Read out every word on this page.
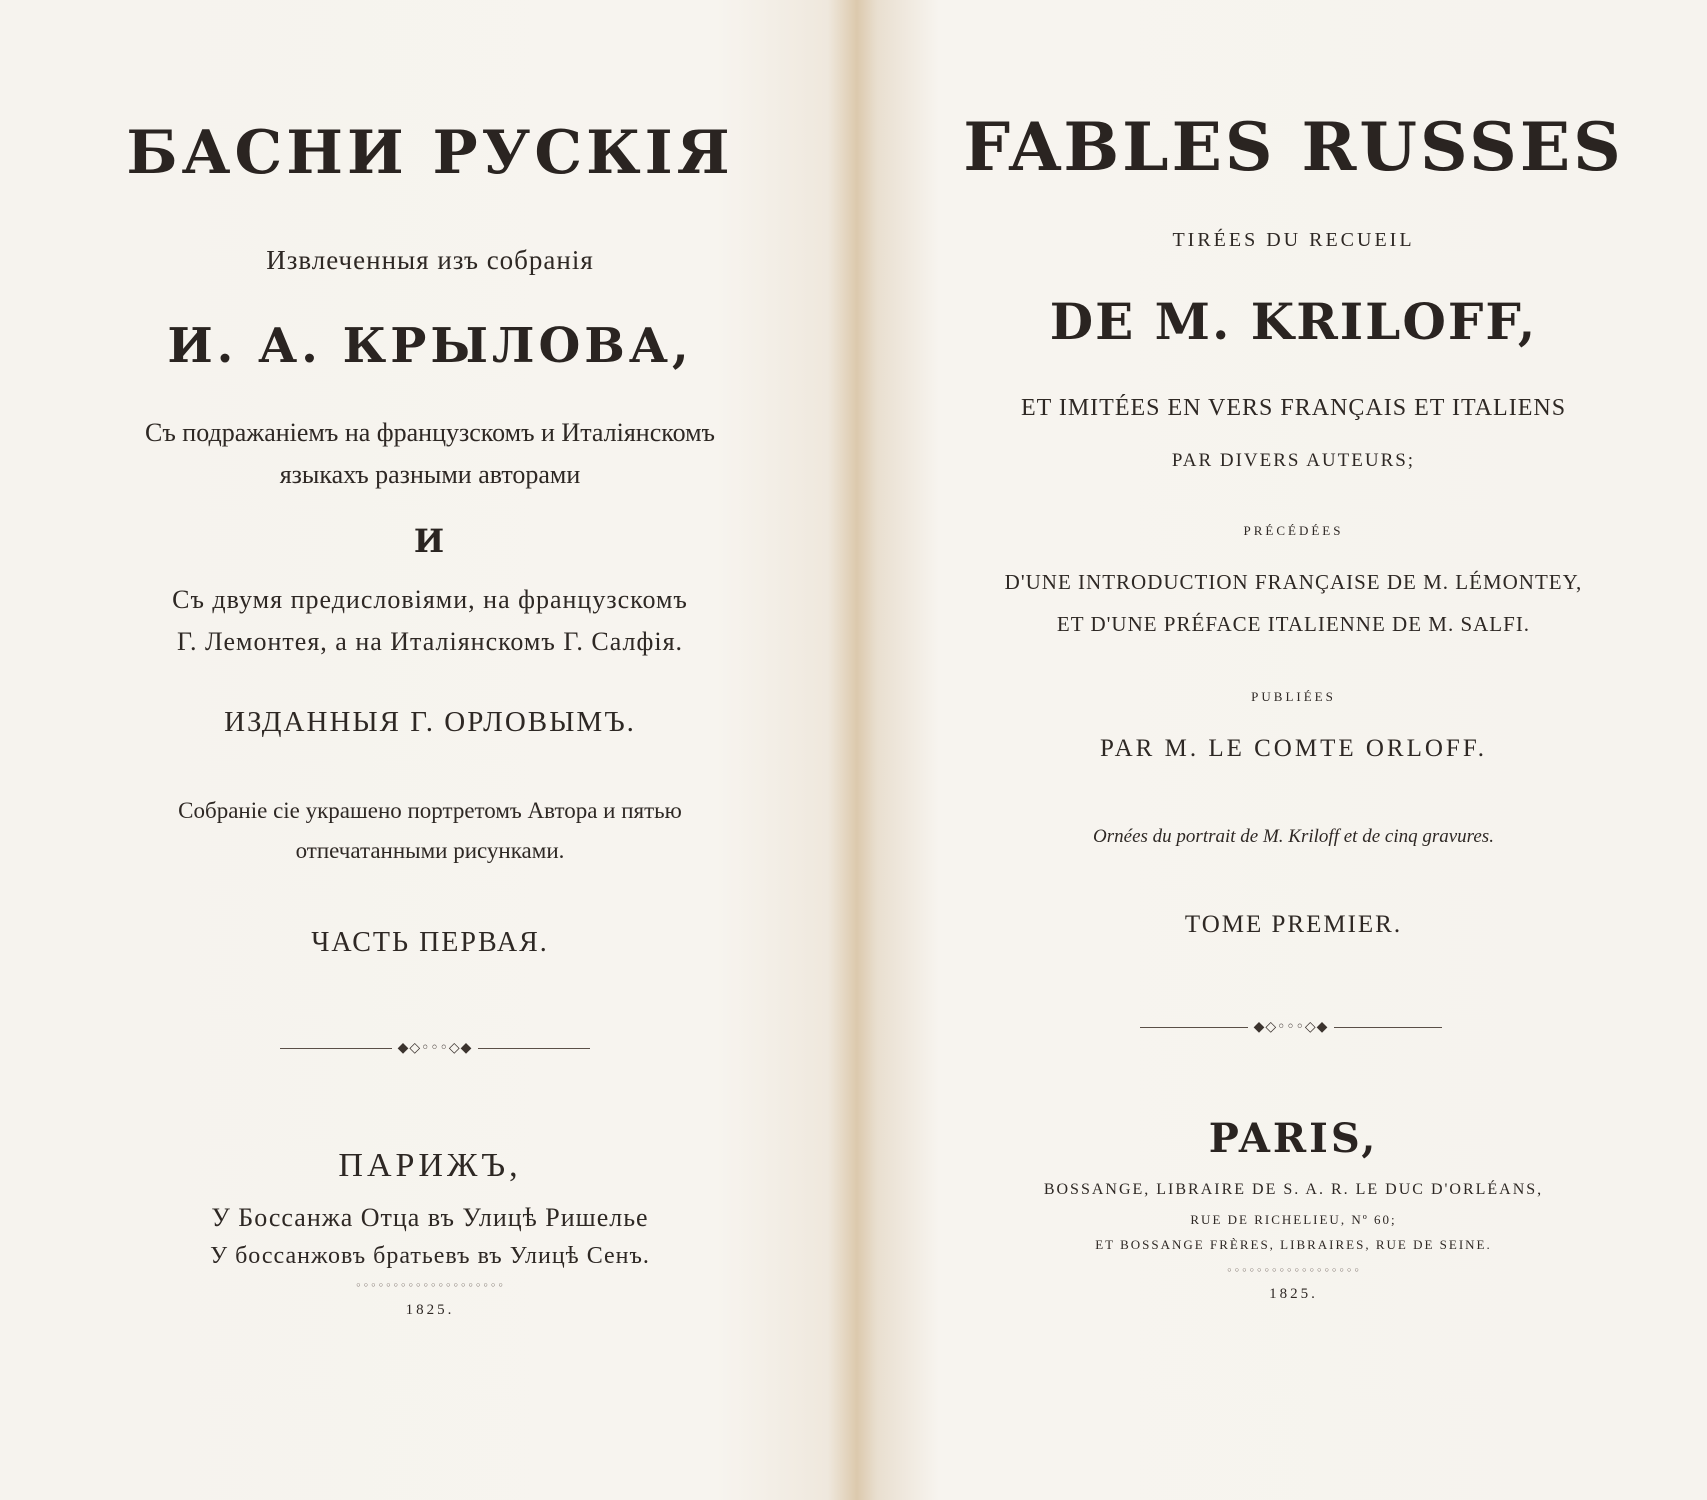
БАСНИ РУСКІЯ
Извлеченныя изъ собранія
И. А. КРЫЛОВА,
Съ подражаніемъ на французскомъ и Италіянскомъ
языкахъ разными авторами
И
Съ двумя предисловіями, на французскомъ
Г. Лемонтея, а на Италіянскомъ Г. Салфія.
ИЗДАННЫЯ Г. ОРЛОВЫМЪ.
Собраніе сіе украшено портретомъ Автора и пятью
отпечатанными рисунками.
ЧАСТЬ ПЕРВАЯ.
◆◇◦◦◦◇◆
ПАРИЖЪ,
У Боссанжа Отца въ Улицѣ Ришелье
У боссанжовъ братьевъ въ Улицѣ Сенъ.
◦◦◦◦◦◦◦◦◦◦◦◦◦◦◦◦◦◦◦◦
1825.
FABLES RUSSES
TIRÉES DU RECUEIL
DE M. KRILOFF,
ET IMITÉES EN VERS FRANÇAIS ET ITALIENS
PAR DIVERS AUTEURS;
PRÉCÉDÉES
D'UNE INTRODUCTION FRANÇAISE DE M. LÉMONTEY,
ET D'UNE PRÉFACE ITALIENNE DE M. SALFI.
PUBLIÉES
PAR M. LE COMTE ORLOFF.
Ornées du portrait de M. Kriloff et de cinq gravures.
TOME PREMIER.
◆◇◦◦◦◇◆
PARIS,
BOSSANGE, LIBRAIRE DE S. A. R. LE DUC D'ORLÉANS,
RUE DE RICHELIEU, Nº 60;
ET BOSSANGE FRÈRES, LIBRAIRES, RUE DE SEINE.
◦◦◦◦◦◦◦◦◦◦◦◦◦◦◦◦◦◦
1825.
